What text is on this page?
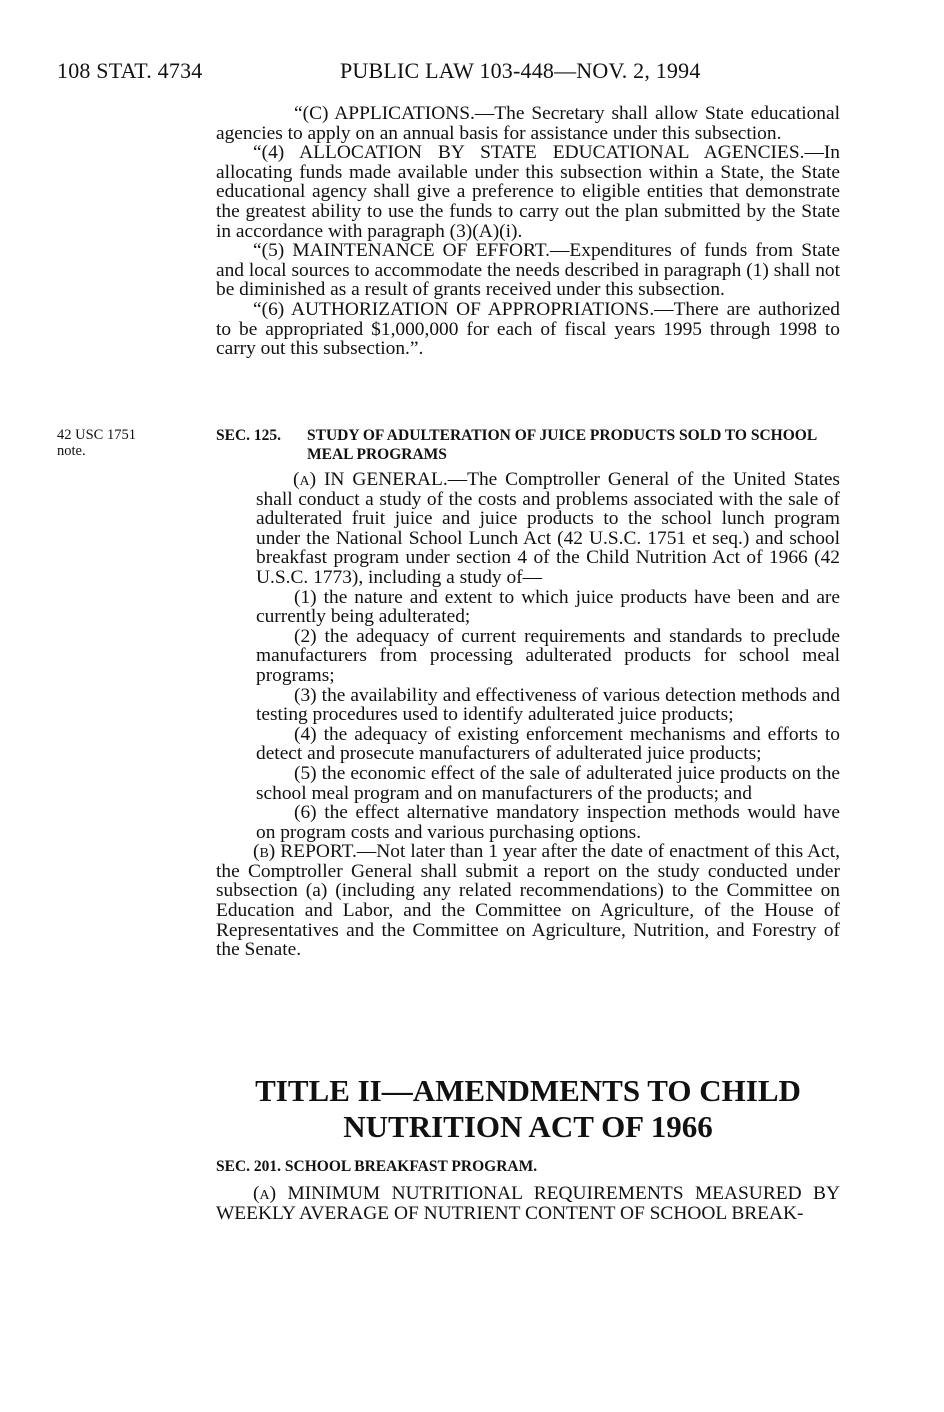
108 STAT. 4734	PUBLIC LAW 103-448—NOV. 2, 1994

“(C) APPLICATIONS.—The Secretary shall allow State educational agencies to apply on an annual basis for assistance under this subsection.

“(4) ALLOCATION BY STATE EDUCATIONAL AGENCIES.—In allocating funds made available under this subsection within a State, the State educational agency shall give a preference to eligible entities that demonstrate the greatest ability to use the funds to carry out the plan submitted by the State in accordance with paragraph (3)(A)(i).

“(5) MAINTENANCE OF EFFORT.—Expenditures of funds from State and local sources to accommodate the needs described in paragraph (1) shall not be diminished as a result of grants received under this subsection.

“(6) AUTHORIZATION OF APPROPRIATIONS.—There are authorized to be appropriated $1,000,000 for each of fiscal years 1995 through 1998 to carry out this subsection.”.

42 USC 1751
note.

SEC. 125. STUDY OF ADULTERATION OF JUICE PRODUCTS SOLD TO SCHOOL MEAL PROGRAMS

(a) IN GENERAL.—The Comptroller General of the United States shall conduct a study of the costs and problems associated with the sale of adulterated fruit juice and juice products to the school lunch program under the National School Lunch Act (42 U.S.C. 1751 et seq.) and school breakfast program under section 4 of the Child Nutrition Act of 1966 (42 U.S.C. 1773), including a study of—

(1) the nature and extent to which juice products have been and are currently being adulterated;

(2) the adequacy of current requirements and standards to preclude manufacturers from processing adulterated products for school meal programs;

(3) the availability and effectiveness of various detection methods and testing procedures used to identify adulterated juice products;

(4) the adequacy of existing enforcement mechanisms and efforts to detect and prosecute manufacturers of adulterated juice products;

(5) the economic effect of the sale of adulterated juice products on the school meal program and on manufacturers of the products; and

(6) the effect alternative mandatory inspection methods would have on program costs and various purchasing options.

(b) REPORT.—Not later than 1 year after the date of enactment of this Act, the Comptroller General shall submit a report on the study conducted under subsection (a) (including any related recommendations) to the Committee on Education and Labor, and the Committee on Agriculture, of the House of Representatives and the Committee on Agriculture, Nutrition, and Forestry of the Senate.

TITLE II—AMENDMENTS TO CHILD
NUTRITION ACT OF 1966
SEC. 201. SCHOOL BREAKFAST PROGRAM.

(a) MINIMUM NUTRITIONAL REQUIREMENTS MEASURED BY WEEKLY AVERAGE OF NUTRIENT CONTENT OF SCHOOL BREAK-
